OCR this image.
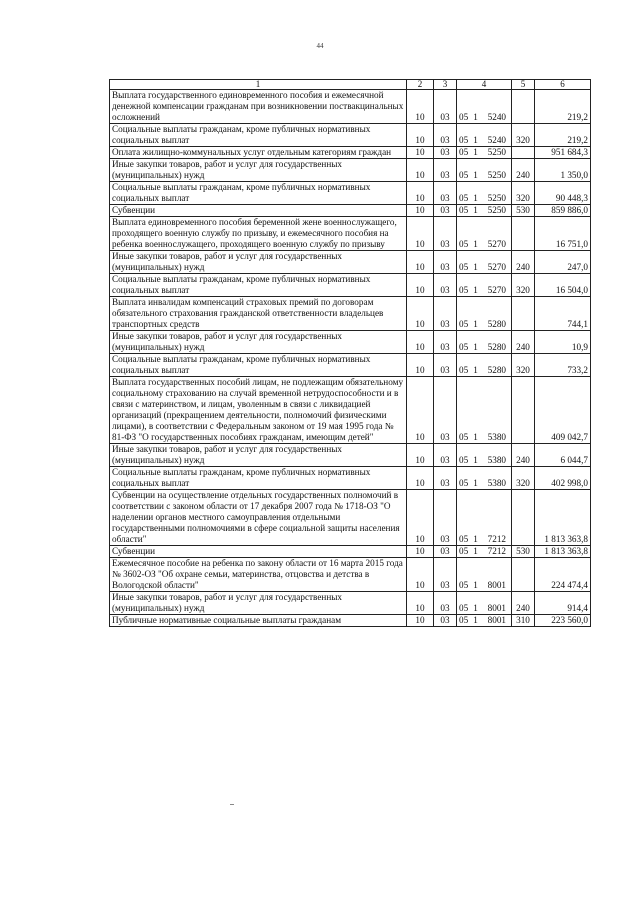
44
1	2	3	4	5	6
Выплата государственного единовременного пособия и ежемесячной денежной компенсации гражданам при возникновении поствакцинальных осложнений	10	03	05 1 5240		219,2
Социальные выплаты гражданам, кроме публичных нормативных социальных выплат	10	03	05 1 5240	320	219,2
Оплата жилищно-коммунальных услуг отдельным категориям граждан	10	03	05 1 5250		951 684,3
Иные закупки товаров, работ и услуг для государственных (муниципальных) нужд	10	03	05 1 5250	240	1 350,0
Социальные выплаты гражданам, кроме публичных нормативных социальных выплат	10	03	05 1 5250	320	90 448,3
Субвенции	10	03	05 1 5250	530	859 886,0
Выплата единовременного пособия беременной жене военнослужащего, проходящего военную службу по призыву, и ежемесячного пособия на ребенка военнослужащего, проходящего военную службу по призыву	10	03	05 1 5270		16 751,0
Иные закупки товаров, работ и услуг для государственных (муниципальных) нужд	10	03	05 1 5270	240	247,0
Социальные выплаты гражданам, кроме публичных нормативных социальных выплат	10	03	05 1 5270	320	16 504,0
Выплата инвалидам компенсаций страховых премий по договорам обязательного страхования гражданской ответственности владельцев транспортных средств	10	03	05 1 5280		744,1
Иные закупки товаров, работ и услуг для государственных (муниципальных) нужд	10	03	05 1 5280	240	10,9
Социальные выплаты гражданам, кроме публичных нормативных социальных выплат	10	03	05 1 5280	320	733,2
Выплата государственных пособий лицам, не подлежащим обязательному социальному страхованию на случай временной нетрудоспособности и в связи с материнством, и лицам, уволенным в связи с ликвидацией организаций (прекращением деятельности, полномочий физическими лицами), в соответствии с Федеральным законом от 19 мая 1995 года № 81-ФЗ "О государственных пособиях гражданам, имеющим детей"	10	03	05 1 5380		409 042,7
Иные закупки товаров, работ и услуг для государственных (муниципальных) нужд	10	03	05 1 5380	240	6 044,7
Социальные выплаты гражданам, кроме публичных нормативных социальных выплат	10	03	05 1 5380	320	402 998,0
Субвенции на осуществление отдельных государственных полномочий в соответствии с законом области от 17 декабря 2007 года № 1718-ОЗ "О наделении органов местного самоуправления отдельными государственными полномочиями в сфере социальной защиты населения области"	10	03	05 1 7212		1 813 363,8
Субвенции	10	03	05 1 7212	530	1 813 363,8
Ежемесячное пособие на ребенка по закону области от 16 марта 2015 года № 3602-ОЗ "Об охране семьи, материнства, отцовства и детства в Вологодской области"	10	03	05 1 8001		224 474,4
Иные закупки товаров, работ и услуг для государственных (муниципальных) нужд	10	03	05 1 8001	240	914,4
Публичные нормативные социальные выплаты гражданам	10	03	05 1 8001	310	223 560,0
